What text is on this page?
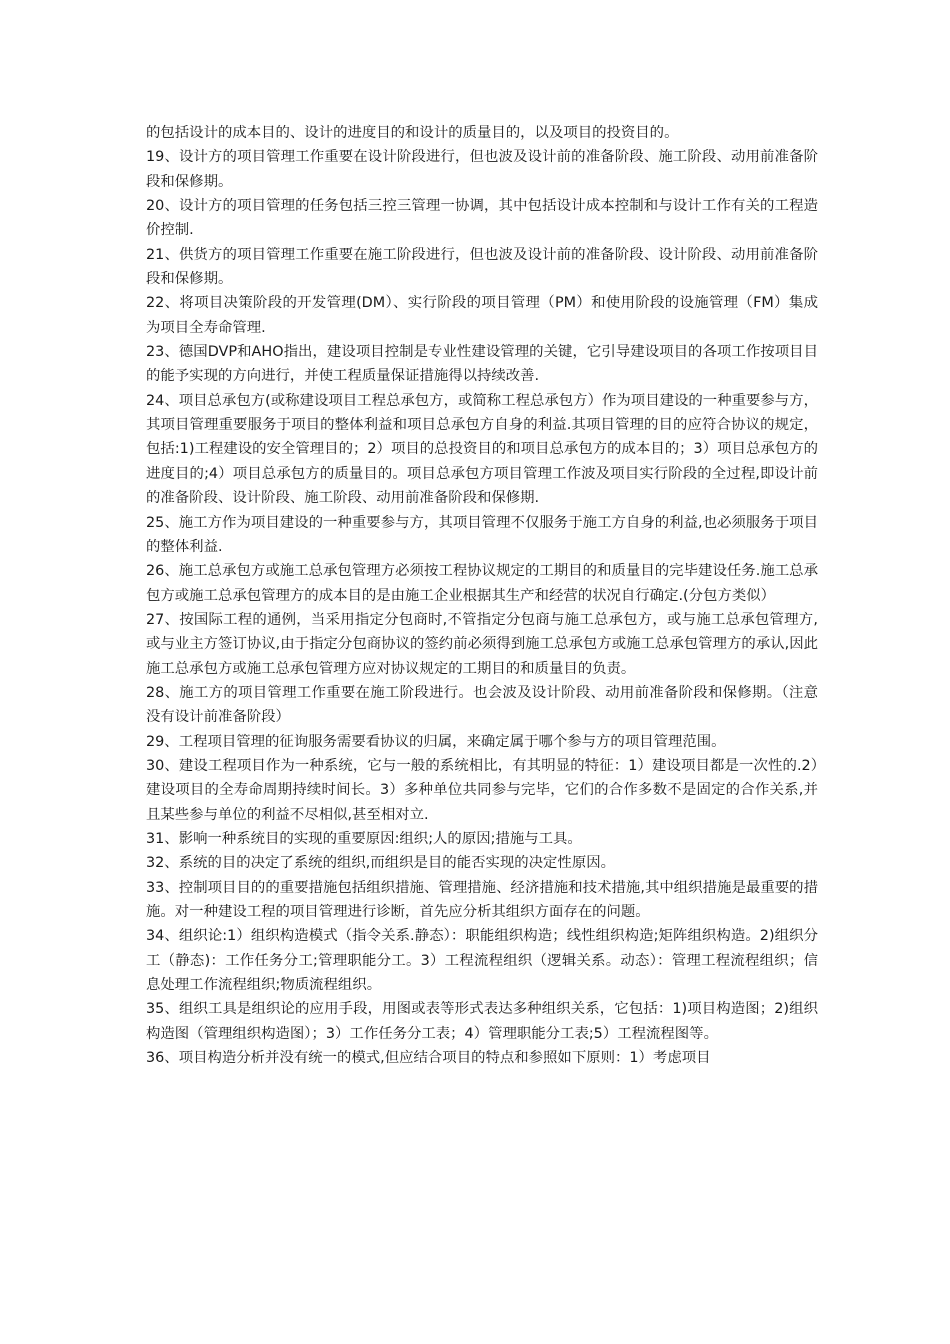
的包括设计的成本目的、设计的进度目的和设计的质量目的，以及项目的投资目的。

19、设计方的项目管理工作重要在设计阶段进行，但也波及设计前的准备阶段、施工阶段、动用前准备阶段和保修期。

20、设计方的项目管理的任务包括三控三管理一协调，其中包括设计成本控制和与设计工作有关的工程造价控制.

21、供货方的项目管理工作重要在施工阶段进行，但也波及设计前的准备阶段、设计阶段、动用前准备阶段和保修期。

22、将项目决策阶段的开发管理(DM）、实行阶段的项目管理（PM）和使用阶段的设施管理（FM）集成为项目全寿命管理.

23、德国DVP和AHO指出，建设项目控制是专业性建设管理的关键，它引导建设项目的各项工作按项目目的能予实现的方向进行，并使工程质量保证措施得以持续改善.

24、项目总承包方(或称建设项目工程总承包方，或简称工程总承包方）作为项目建设的一种重要参与方，其项目管理重要服务于项目的整体利益和项目总承包方自身的利益.其项目管理的目的应符合协议的规定，包括:1)工程建设的安全管理目的；2）项目的总投资目的和项目总承包方的成本目的；3）项目总承包方的进度目的;4）项目总承包方的质量目的。项目总承包方项目管理工作波及项目实行阶段的全过程,即设计前的准备阶段、设计阶段、施工阶段、动用前准备阶段和保修期.

25、施工方作为项目建设的一种重要参与方，其项目管理不仅服务于施工方自身的利益,也必须服务于项目的整体利益.

26、施工总承包方或施工总承包管理方必须按工程协议规定的工期目的和质量目的完毕建设任务.施工总承包方或施工总承包管理方的成本目的是由施工企业根据其生产和经营的状况自行确定.(分包方类似）

27、按国际工程的通例，当采用指定分包商时,不管指定分包商与施工总承包方，或与施工总承包管理方,或与业主方签订协议,由于指定分包商协议的签约前必须得到施工总承包方或施工总承包管理方的承认,因此施工总承包方或施工总承包管理方应对协议规定的工期目的和质量目的负责。

28、施工方的项目管理工作重要在施工阶段进行。也会波及设计阶段、动用前准备阶段和保修期。（注意没有设计前准备阶段）

29、工程项目管理的征询服务需要看协议的归属，来确定属于哪个参与方的项目管理范围。

30、建设工程项目作为一种系统，它与一般的系统相比，有其明显的特征：1）建设项目都是一次性的.2）建设项目的全寿命周期持续时间长。3）多种单位共同参与完毕，它们的合作多数不是固定的合作关系,并且某些参与单位的利益不尽相似,甚至相对立.

31、影响一种系统目的实现的重要原因:组织;人的原因;措施与工具。

32、系统的目的决定了系统的组织,而组织是目的能否实现的决定性原因。

33、控制项目目的的重要措施包括组织措施、管理措施、经济措施和技术措施,其中组织措施是最重要的措施。对一种建设工程的项目管理进行诊断，首先应分析其组织方面存在的问题。

34、组织论:1）组织构造模式（指令关系.静态）：职能组织构造；线性组织构造;矩阵组织构造。2)组织分工（静态)：工作任务分工;管理职能分工。3）工程流程组织（逻辑关系。动态）：管理工程流程组织；信息处理工作流程组织;物质流程组织。

35、组织工具是组织论的应用手段，用图或表等形式表达多种组织关系，它包括：1)项目构造图；2)组织构造图（管理组织构造图）；3）工作任务分工表；4）管理职能分工表;5）工程流程图等。

36、项目构造分析并没有统一的模式,但应结合项目的特点和参照如下原则：1）考虑项目
